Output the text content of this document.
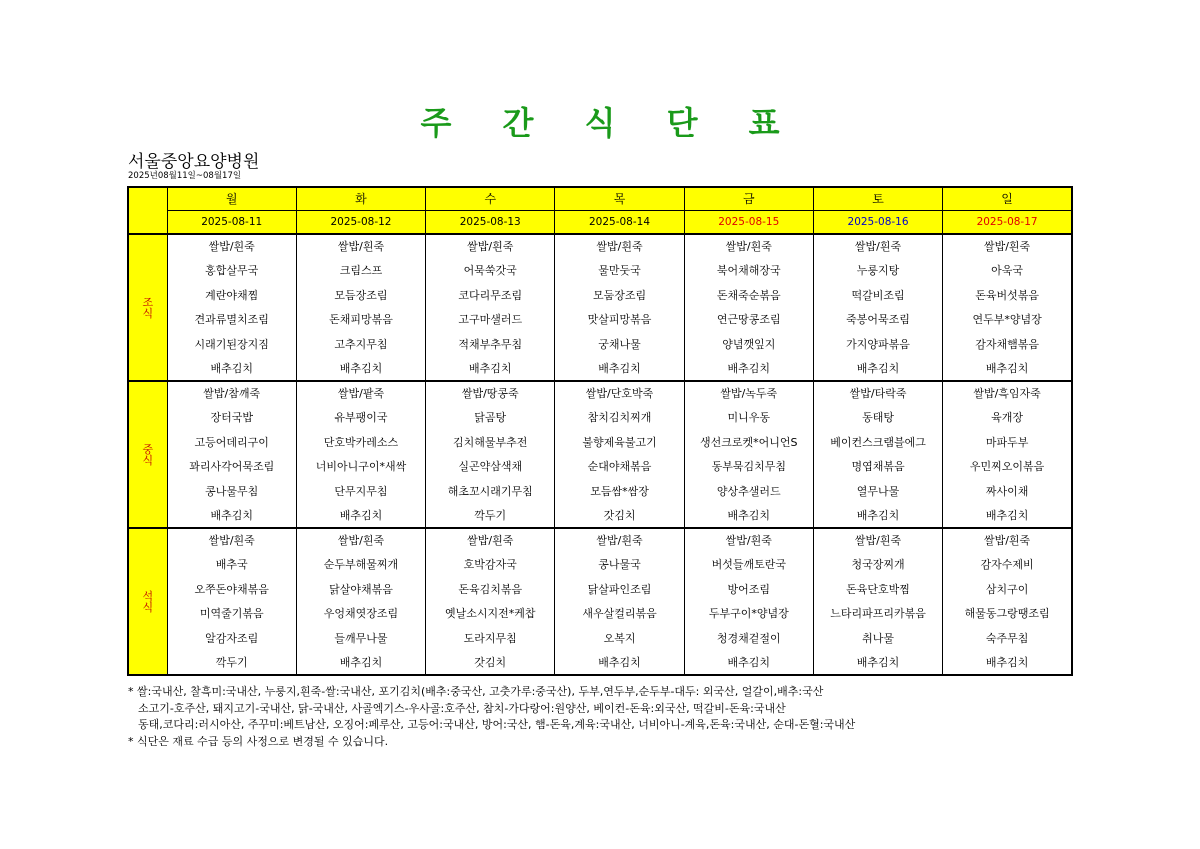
주 간 식 단 표
서울중앙요양병원
2025년08월11일~08월17일
	월	화	수	목	금	토	일
	2025-08-11	2025-08-12	2025-08-13	2025-08-14	2025-08-15	2025-08-16	2025-08-17
조
식	쌀밥/흰죽	쌀밥/흰죽	쌀밥/흰죽	쌀밥/흰죽	쌀밥/흰죽	쌀밥/흰죽	쌀밥/흰죽
	홍합살무국	크림스프	어묵쑥갓국	물만둣국	북어채해장국	누룽지탕	아욱국
	계란야채찜	모듬장조림	코다리무조림	모둠장조림	돈채죽순볶음	떡갈비조림	돈육버섯볶음
	견과류멸치조림	돈채피망볶음	고구마샐러드	맛살피망볶음	연근땅콩조림	죽봉어묵조림	연두부*양념장
	시래기된장지짐	고추지무침	적채부추무침	궁채나물	양념깻잎지	가지양파볶음	감자채햄볶음
	배추김치	배추김치	배추김치	배추김치	배추김치	배추김치	배추김치
중
식	쌀밥/참깨죽	쌀밥/팥죽	쌀밥/땅콩죽	쌀밥/단호박죽	쌀밥/녹두죽	쌀밥/타락죽	쌀밥/흑임자죽
	장터국밥	유부팽이국	닭곰탕	참치김치찌개	미니우동	동태탕	육개장
	고등어데리구이	단호박카레소스	김치해물부추전	불향제육불고기	생선크로켓*어니언S	베이컨스크램블에그	마파두부
	꽈리사각어묵조림	너비아니구이*새싹	실곤약삼색채	순대야채볶음	동부묵김치무침	명엽채볶음	우민찌오이볶음
	콩나물무침	단무지무침	해초꼬시래기무침	모듬쌈*쌈장	양상추샐러드	열무나물	짜사이채
	배추김치	배추김치	깍두기	갓김치	배추김치	배추김치	배추김치
석
식	쌀밥/흰죽	쌀밥/흰죽	쌀밥/흰죽	쌀밥/흰죽	쌀밥/흰죽	쌀밥/흰죽	쌀밥/흰죽
	배추국	순두부해물찌개	호박감자국	콩나물국	버섯들깨토란국	청국장찌개	감자수제비
	오쭈돈야채볶음	닭살야채볶음	돈육김치볶음	닭살파인조림	방어조림	돈육단호박찜	삼치구이
	미역줄기볶음	우엉채엿장조림	옛날소시지전*케찹	새우살컬리볶음	두부구이*양념장	느타리파프리카볶음	해물동그랑땡조림
	알감자조림	들깨무나물	도라지무침	오복지	청경채겉절이	취나물	숙주무침
	깍두기	배추김치	갓김치	배추김치	배추김치	배추김치	배추김치
* 쌀:국내산, 찰흑미:국내산, 누룽지,흰죽-쌀:국내산, 포기김치(배추:중국산, 고춧가루:중국산), 두부,연두부,순두부-대두: 외국산, 얼갈이,배추:국산
소고기-호주산, 돼지고기-국내산, 닭-국내산, 사골엑기스-우사골:호주산, 참치-가다랑어:원양산, 베이컨-돈육:외국산, 떡갈비-돈육:국내산
동태,코다리:러시아산, 주꾸미:베트남산, 오징어:페루산, 고등어:국내산, 방어:국산, 햄-돈육,계육:국내산, 너비아니-계육,돈육:국내산, 순대-돈혈:국내산
* 식단은 재료 수급 등의 사정으로 변경될 수 있습니다.
